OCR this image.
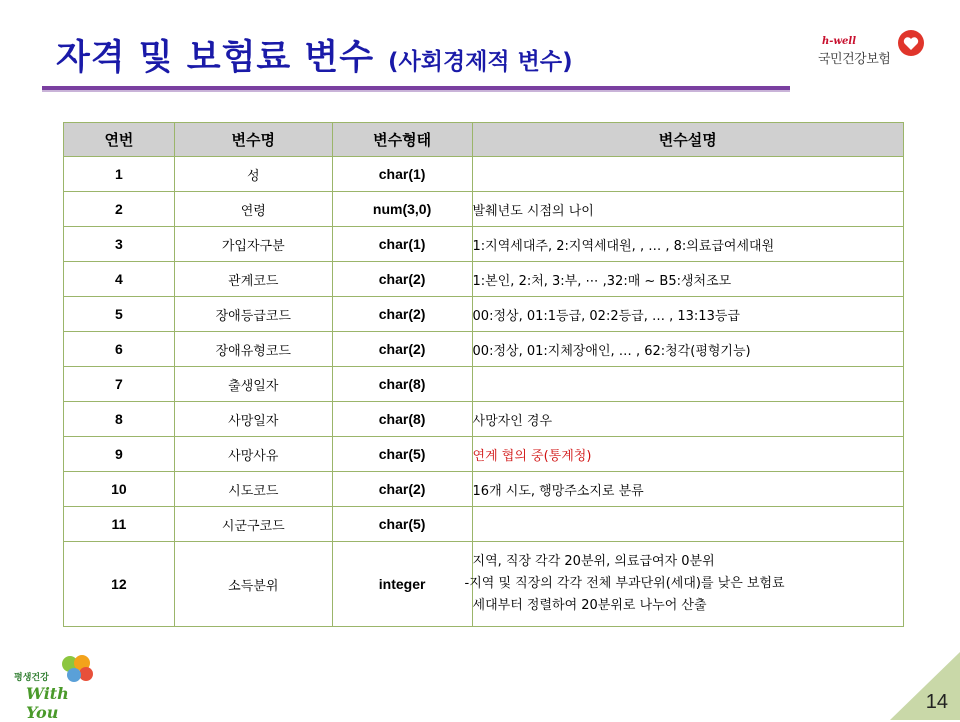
자격 및 보험료 변수 (사회경제적 변수)
h-well
국민건강보험
연번	변수명	변수형태	변수설명
1	성	char(1)	
2	연령	num(3,0)	발췌년도 시점의 나이
3	가입자구분	char(1)	1:지역세대주, 2:지역세대원, , … , 8:의료급여세대원
4	관계코드	char(2)	1:본인, 2:처, 3:부, ⋯ ,32:매 ~ B5:생처조모
5	장애등급코드	char(2)	00:정상, 01:1등급, 02:2등급, … , 13:13등급
6	장애유형코드	char(2)	00:정상, 01:지체장애인, … , 62:청각(평형기능)
7	출생일자	char(8)	
8	사망일자	char(8)	사망자인 경우
9	사망사유	char(5)	연계 협의 중(통계청)
10	시도코드	char(2)	16개 시도, 행망주소지로 분류
11	시군구코드	char(5)	
12	소득분위	integer	지역, 직장 각각 20분위, 의료급여자 0분위
-지역 및 직장의 각각 전체 부과단위(세대)를 낮은 보험료
세대부터 정렬하여 20분위로 나누어 산출
평생건강
With You	14
